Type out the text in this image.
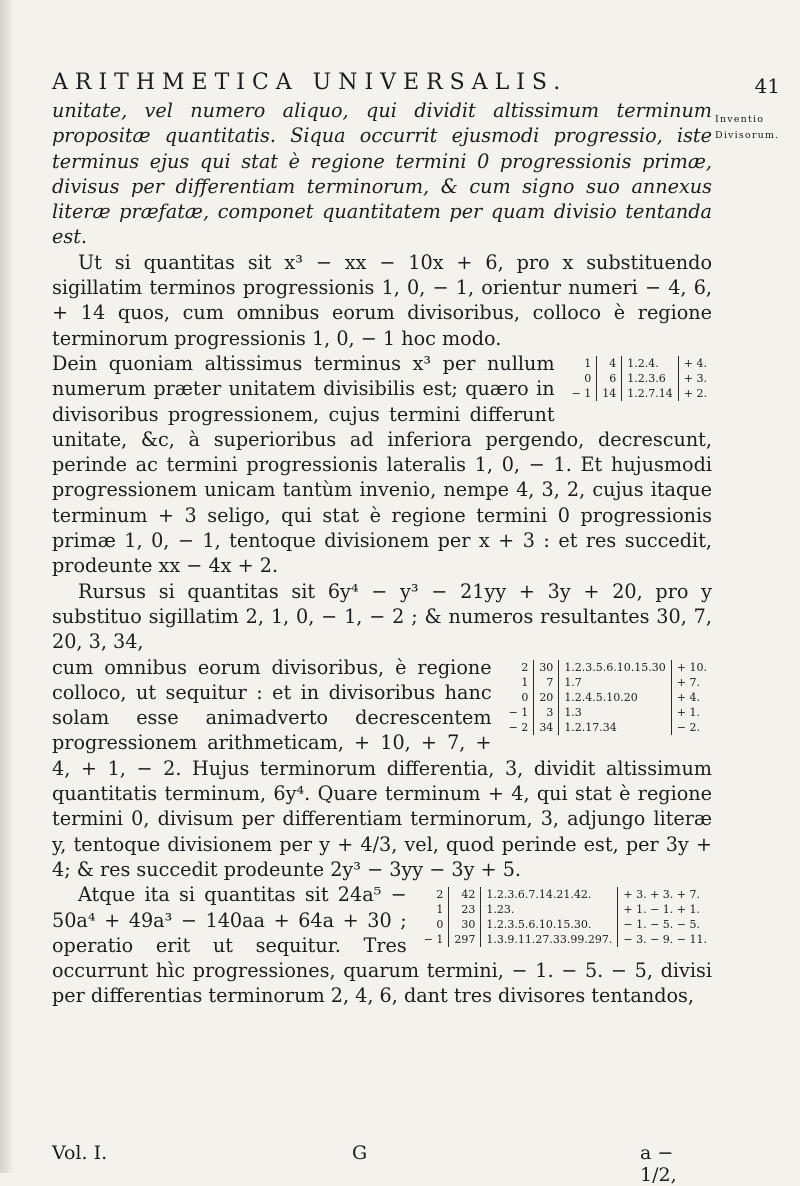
ARITHMETICA UNIVERSALIS.	41
Inventio
Divisorum.

unitate, vel numero aliquo, qui dividit altissimum terminum propositæ quantitatis. Siqua occurrit ejusmodi progressio, iste terminus ejus qui stat è regione termini 0 progressionis primæ, divisus per differentiam terminorum, & cum signo suo annexus literæ præfatæ, componet quantitatem per quam divisio tentanda est.

Ut si quantitas sit x³ − xx − 10x + 6, pro x substituendo sigillatim terminos progressionis 1, 0, − 1, orientur numeri − 4, 6, + 14 quos, cum omnibus eorum divisoribus, colloco è regione terminorum progressionis 1, 0, − 1 hoc modo.

1	4	1.2.4.	+ 4.
0	6	1.2.3.6	+ 3.
− 1	14	1.2.7.14	+ 2.

Dein quoniam altissimus terminus x³ per nullum numerum præter unitatem divisibilis est; quæro in divisoribus progressionem, cujus termini differunt unitate, &c, à superioribus ad inferiora pergendo, decrescunt, perinde ac termini progressionis lateralis 1, 0, − 1. Et hujusmodi progressionem unicam tantùm invenio, nempe 4, 3, 2, cujus itaque terminum + 3 seligo, qui stat è regione termini 0 progressionis primæ 1, 0, − 1, tentoque divisionem per x + 3 : et res succedit, prodeunte xx − 4x + 2.

Rursus si quantitas sit 6y⁴ − y³ − 21yy + 3y + 20, pro y substituo sigillatim 2, 1, 0, − 1, − 2 ; & numeros resultantes 30, 7, 20, 3, 34,

2	30	1.2.3.5.6.10.15.30	+ 10.
1	7	1.7	+ 7.
0	20	1.2.4.5.10.20	+ 4.
− 1	3	1.3	+ 1.
− 2	34	1.2.17.34	− 2.

cum omnibus eorum divisoribus, è regione colloco, ut sequitur : et in divisoribus hanc solam esse animadverto decrescentem progressionem arithmeticam, + 10, + 7, + 4, + 1, − 2. Hujus terminorum differentia, 3, dividit altissimum quantitatis terminum, 6y⁴. Quare terminum + 4, qui stat è regione termini 0, divisum per differentiam terminorum, 3, adjungo literæ y, tentoque divisionem per y + 4/3, vel, quod perinde est, per 3y + 4; & res succedit prodeunte 2y³ − 3yy − 3y + 5.

2	42	1.2.3.6.7.14.21.42.	+ 3. + 3. + 7.
1	23	1.23.	+ 1. − 1. + 1.
0	30	1.2.3.5.6.10.15.30.	− 1. − 5. − 5.
− 1	297	1.3.9.11.27.33.99.297.	− 3. − 9. − 11.

Atque ita si quantitas sit 24a⁵ − 50a⁴ + 49a³ − 140aa + 64a + 30 ; operatio erit ut sequitur. Tres occurrunt hìc progressiones, quarum termini, − 1. − 5. − 5, divisi per differentias terminorum 2, 4, 6, dant tres divisores tentandos,

Vol. I.	G	a − 1/2,
